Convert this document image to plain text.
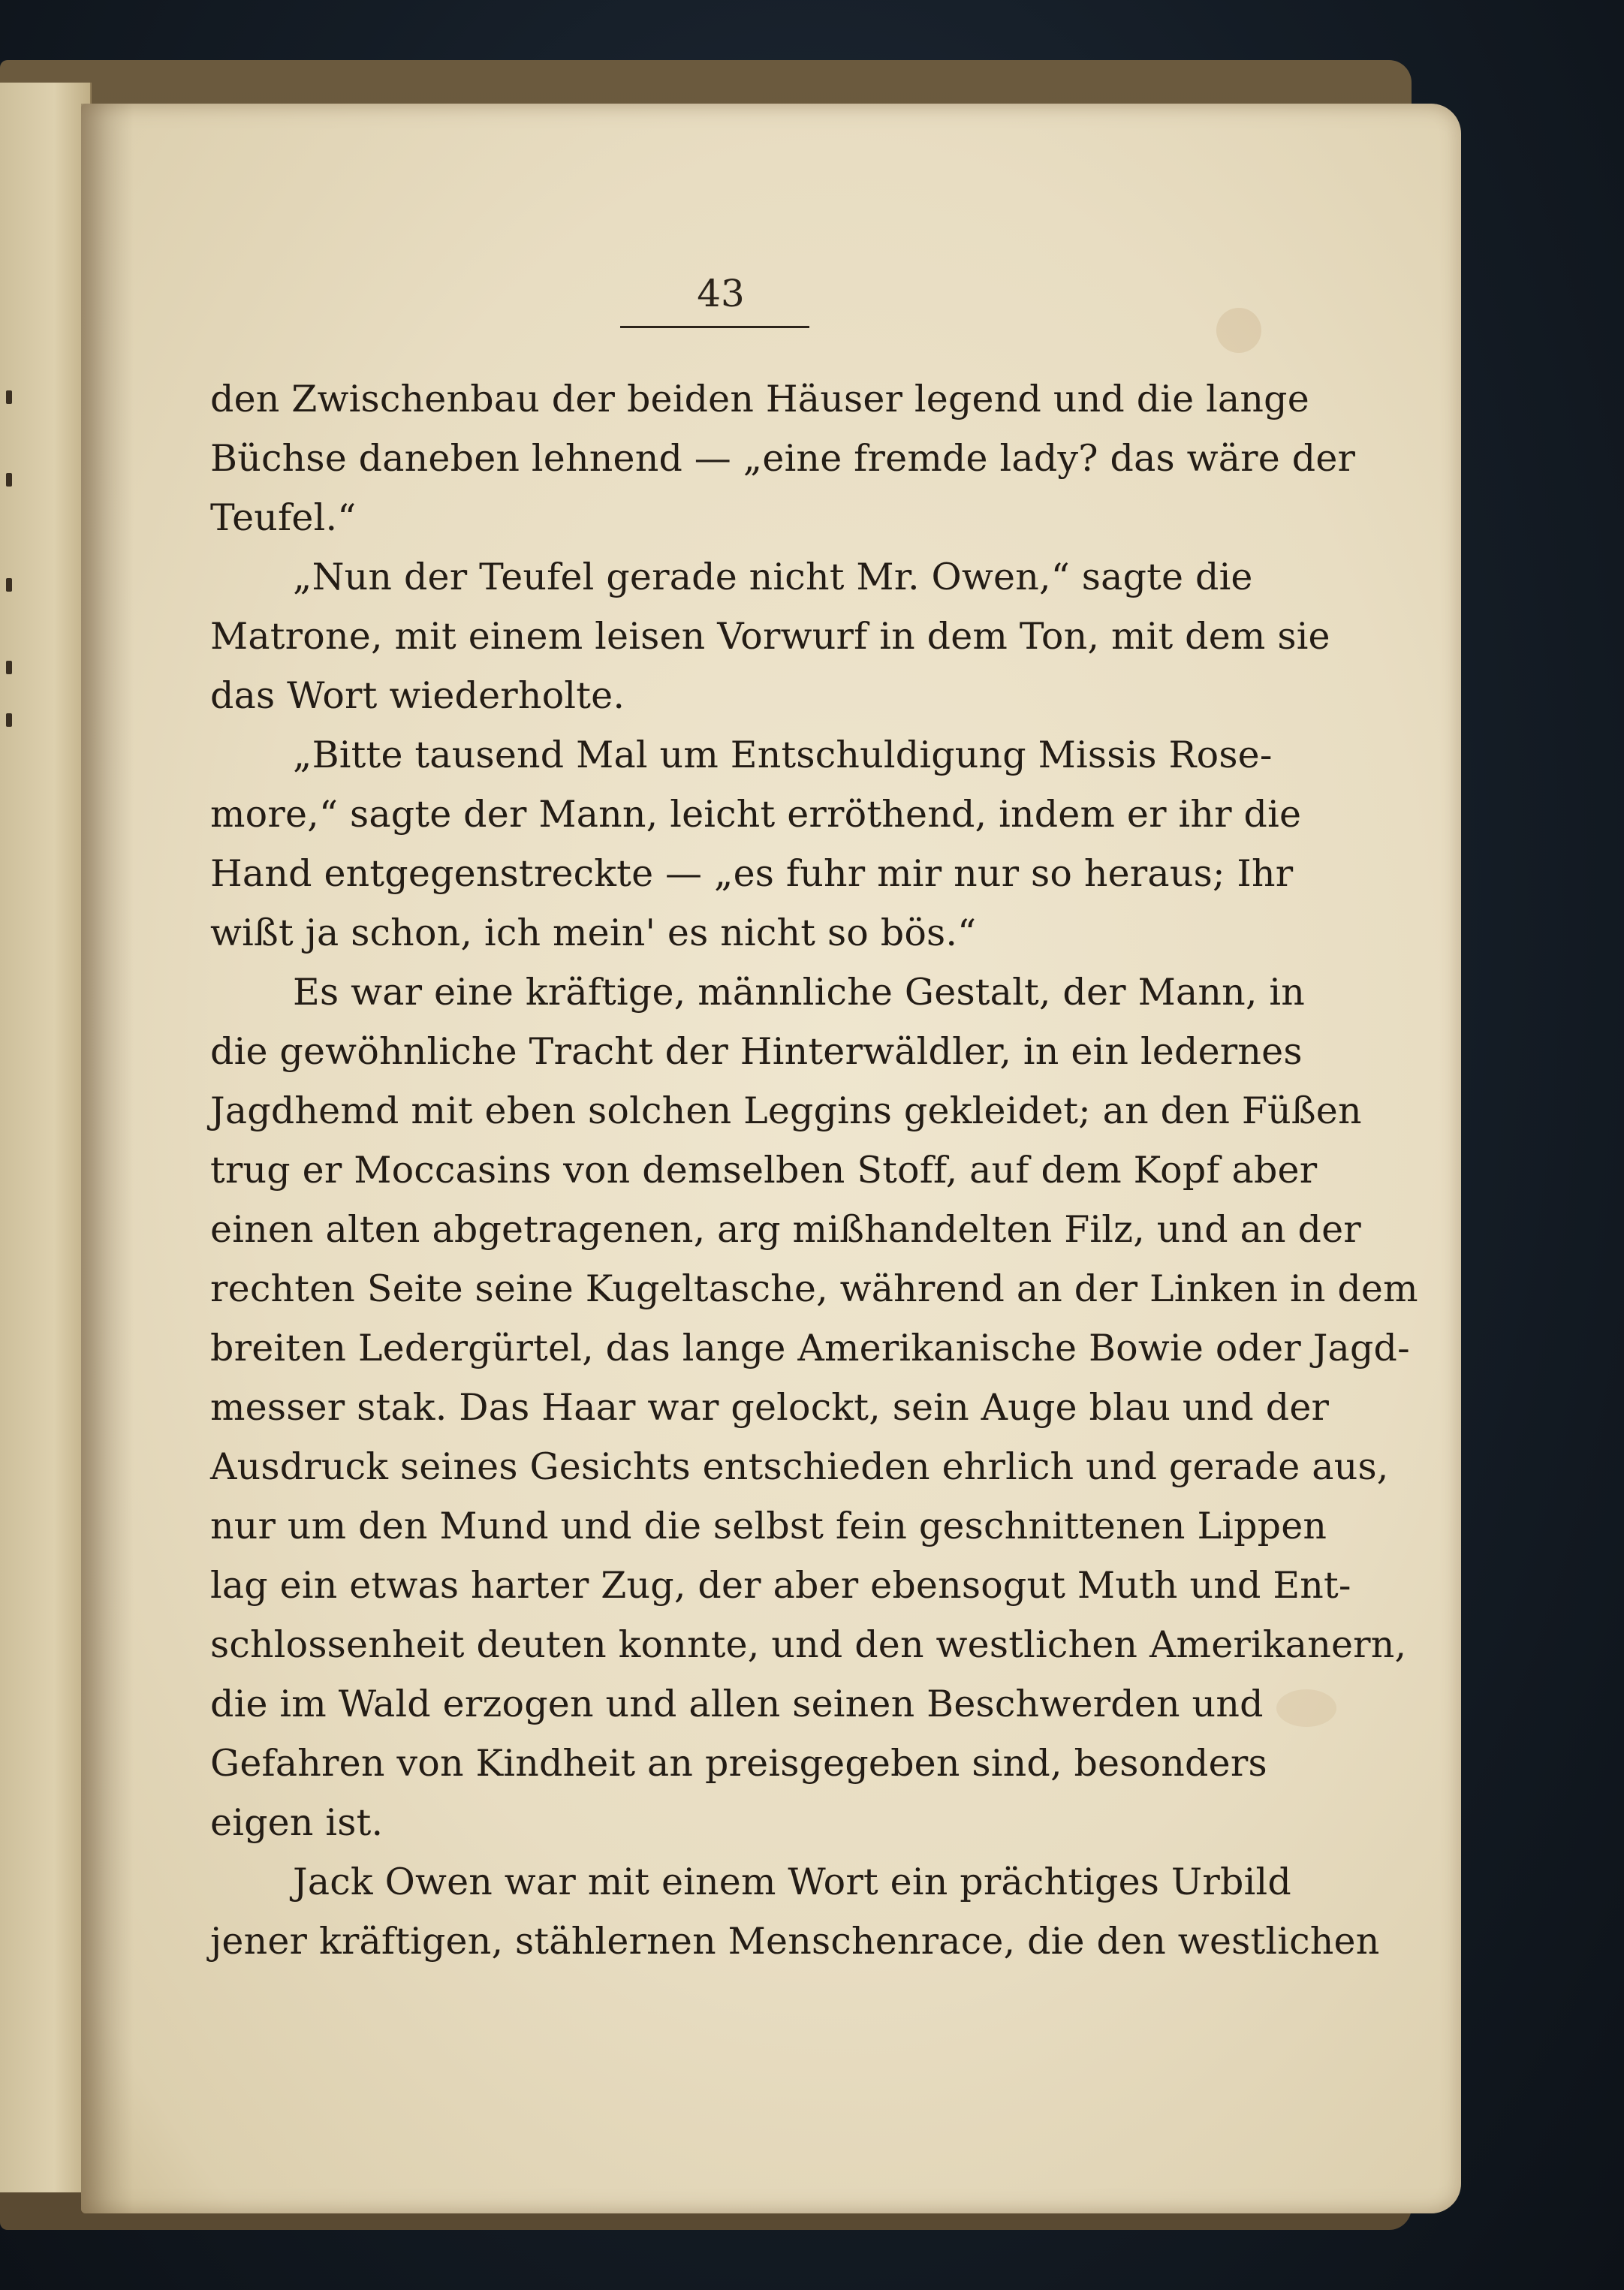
43
den Zwischenbau der beiden Häuser legend und die lange
Büchse daneben lehnend — „eine fremde lady? das wäre der
Teufel.“
„Nun der Teufel gerade nicht Mr. Owen,“ sagte die
Matrone, mit einem leisen Vorwurf in dem Ton, mit dem sie
das Wort wiederholte.
„Bitte tausend Mal um Entschuldigung Missis Rose-
more,“ sagte der Mann, leicht erröthend, indem er ihr die
Hand entgegenstreckte — „es fuhr mir nur so heraus; Ihr
wißt ja schon, ich mein' es nicht so bös.“
Es war eine kräftige, männliche Gestalt, der Mann, in
die gewöhnliche Tracht der Hinterwäldler, in ein ledernes
Jagdhemd mit eben solchen Leggins gekleidet; an den Füßen
trug er Moccasins von demselben Stoff, auf dem Kopf aber
einen alten abgetragenen, arg mißhandelten Filz, und an der
rechten Seite seine Kugeltasche, während an der Linken in dem
breiten Ledergürtel, das lange Amerikanische Bowie oder Jagd-
messer stak. Das Haar war gelockt, sein Auge blau und der
Ausdruck seines Gesichts entschieden ehrlich und gerade aus,
nur um den Mund und die selbst fein geschnittenen Lippen
lag ein etwas harter Zug, der aber ebensogut Muth und Ent-
schlossenheit deuten konnte, und den westlichen Amerikanern,
die im Wald erzogen und allen seinen Beschwerden und
Gefahren von Kindheit an preisgegeben sind, besonders
eigen ist.
Jack Owen war mit einem Wort ein prächtiges Urbild
jener kräftigen, stählernen Menschenrace, die den westlichen
